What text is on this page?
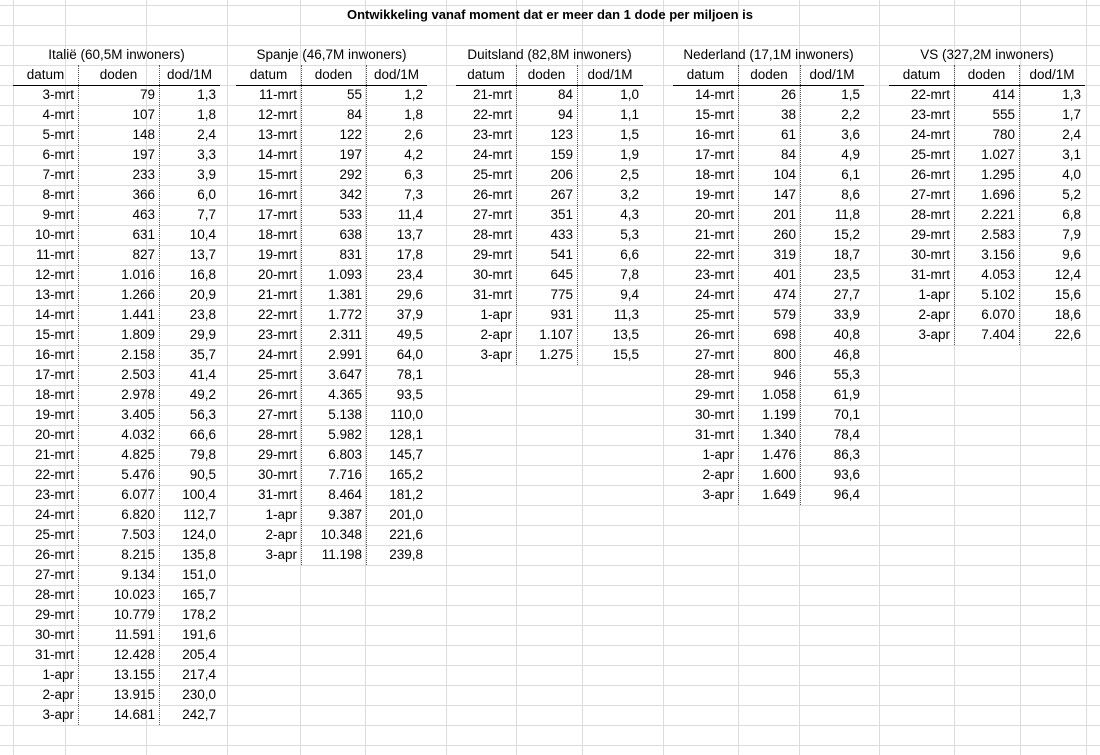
Ontwikkeling vanaf moment dat er meer dan 1 dode per miljoen is
Italië (60,5M inwoners)
datum	doden	dod/1M
3-mrt	79	1,3
4-mrt	107	1,8
5-mrt	148	2,4
6-mrt	197	3,3
7-mrt	233	3,9
8-mrt	366	6,0
9-mrt	463	7,7
10-mrt	631	10,4
11-mrt	827	13,7
12-mrt	1.016	16,8
13-mrt	1.266	20,9
14-mrt	1.441	23,8
15-mrt	1.809	29,9
16-mrt	2.158	35,7
17-mrt	2.503	41,4
18-mrt	2.978	49,2
19-mrt	3.405	56,3
20-mrt	4.032	66,6
21-mrt	4.825	79,8
22-mrt	5.476	90,5
23-mrt	6.077	100,4
24-mrt	6.820	112,7
25-mrt	7.503	124,0
26-mrt	8.215	135,8
27-mrt	9.134	151,0
28-mrt	10.023	165,7
29-mrt	10.779	178,2
30-mrt	11.591	191,6
31-mrt	12.428	205,4
1-apr	13.155	217,4
2-apr	13.915	230,0
3-apr	14.681	242,7
Spanje (46,7M inwoners)
datum	doden	dod/1M
11-mrt	55	1,2
12-mrt	84	1,8
13-mrt	122	2,6
14-mrt	197	4,2
15-mrt	292	6,3
16-mrt	342	7,3
17-mrt	533	11,4
18-mrt	638	13,7
19-mrt	831	17,8
20-mrt	1.093	23,4
21-mrt	1.381	29,6
22-mrt	1.772	37,9
23-mrt	2.311	49,5
24-mrt	2.991	64,0
25-mrt	3.647	78,1
26-mrt	4.365	93,5
27-mrt	5.138	110,0
28-mrt	5.982	128,1
29-mrt	6.803	145,7
30-mrt	7.716	165,2
31-mrt	8.464	181,2
1-apr	9.387	201,0
2-apr	10.348	221,6
3-apr	11.198	239,8
Duitsland (82,8M inwoners)
datum	doden	dod/1M
21-mrt	84	1,0
22-mrt	94	1,1
23-mrt	123	1,5
24-mrt	159	1,9
25-mrt	206	2,5
26-mrt	267	3,2
27-mrt	351	4,3
28-mrt	433	5,3
29-mrt	541	6,6
30-mrt	645	7,8
31-mrt	775	9,4
1-apr	931	11,3
2-apr	1.107	13,5
3-apr	1.275	15,5
Nederland (17,1M inwoners)
datum	doden	dod/1M
14-mrt	26	1,5
15-mrt	38	2,2
16-mrt	61	3,6
17-mrt	84	4,9
18-mrt	104	6,1
19-mrt	147	8,6
20-mrt	201	11,8
21-mrt	260	15,2
22-mrt	319	18,7
23-mrt	401	23,5
24-mrt	474	27,7
25-mrt	579	33,9
26-mrt	698	40,8
27-mrt	800	46,8
28-mrt	946	55,3
29-mrt	1.058	61,9
30-mrt	1.199	70,1
31-mrt	1.340	78,4
1-apr	1.476	86,3
2-apr	1.600	93,6
3-apr	1.649	96,4
VS (327,2M inwoners)
datum	doden	dod/1M
22-mrt	414	1,3
23-mrt	555	1,7
24-mrt	780	2,4
25-mrt	1.027	3,1
26-mrt	1.295	4,0
27-mrt	1.696	5,2
28-mrt	2.221	6,8
29-mrt	2.583	7,9
30-mrt	3.156	9,6
31-mrt	4.053	12,4
1-apr	5.102	15,6
2-apr	6.070	18,6
3-apr	7.404	22,6
